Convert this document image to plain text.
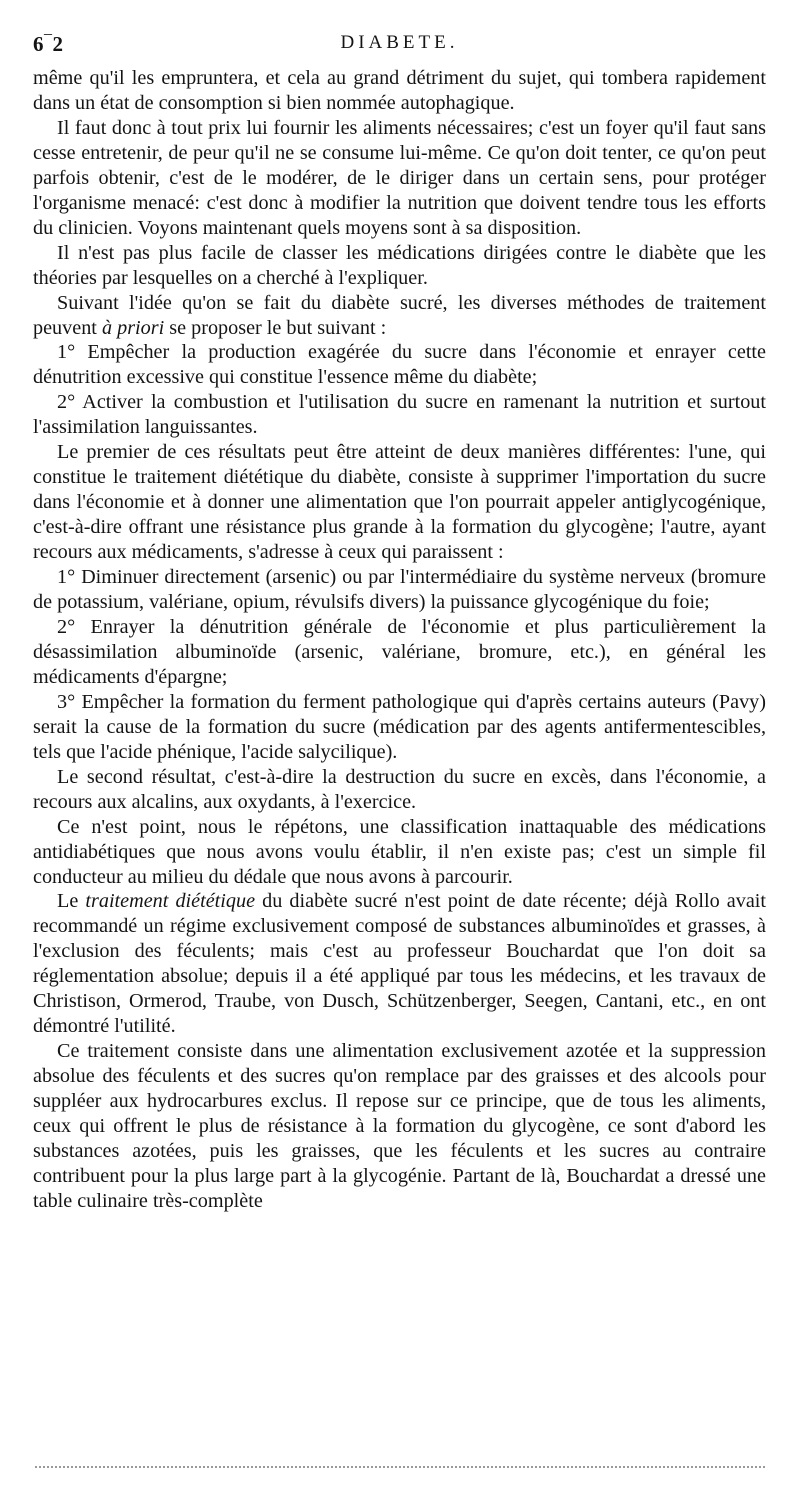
6‾2	DIABETE.

même qu'il les empruntera, et cela au grand détriment du sujet, qui tombera rapidement dans un état de consomption si bien nommée autophagique.

Il faut donc à tout prix lui fournir les aliments nécessaires; c'est un foyer qu'il faut sans cesse entretenir, de peur qu'il ne se consume lui-même. Ce qu'on doit tenter, ce qu'on peut parfois obtenir, c'est de le modérer, de le diriger dans un certain sens, pour protéger l'organisme menacé: c'est donc à modifier la nutrition que doivent tendre tous les efforts du clinicien. Voyons maintenant quels moyens sont à sa disposition.

Il n'est pas plus facile de classer les médications dirigées contre le diabète que les théories par lesquelles on a cherché à l'expliquer.

Suivant l'idée qu'on se fait du diabète sucré, les diverses méthodes de traitement peuvent à priori se proposer le but suivant :

1° Empêcher la production exagérée du sucre dans l'économie et enrayer cette dénutrition excessive qui constitue l'essence même du diabète;

2° Activer la combustion et l'utilisation du sucre en ramenant la nutrition et surtout l'assimilation languissantes.

Le premier de ces résultats peut être atteint de deux manières différentes: l'une, qui constitue le traitement diététique du diabète, consiste à supprimer l'importation du sucre dans l'économie et à donner une alimentation que l'on pourrait appeler antiglycogénique, c'est-à-dire offrant une résistance plus grande à la formation du glycogène; l'autre, ayant recours aux médicaments, s'adresse à ceux qui paraissent :

1° Diminuer directement (arsenic) ou par l'intermédiaire du système nerveux (bromure de potassium, valériane, opium, révulsifs divers) la puissance glycogénique du foie;

2° Enrayer la dénutrition générale de l'économie et plus particulièrement la désassimilation albuminoïde (arsenic, valériane, bromure, etc.), en général les médicaments d'épargne;

3° Empêcher la formation du ferment pathologique qui d'après certains auteurs (Pavy) serait la cause de la formation du sucre (médication par des agents antifermentescibles, tels que l'acide phénique, l'acide salycilique).

Le second résultat, c'est-à-dire la destruction du sucre en excès, dans l'économie, a recours aux alcalins, aux oxydants, à l'exercice.

Ce n'est point, nous le répétons, une classification inattaquable des médications antidiabétiques que nous avons voulu établir, il n'en existe pas; c'est un simple fil conducteur au milieu du dédale que nous avons à parcourir.

Le traitement diététique du diabète sucré n'est point de date récente; déjà Rollo avait recommandé un régime exclusivement composé de substances albuminoïdes et grasses, à l'exclusion des féculents; mais c'est au professeur Bouchardat que l'on doit sa réglementation absolue; depuis il a été appliqué par tous les médecins, et les travaux de Christison, Ormerod, Traube, von Dusch, Schützenberger, Seegen, Cantani, etc., en ont démontré l'utilité.

Ce traitement consiste dans une alimentation exclusivement azotée et la suppression absolue des féculents et des sucres qu'on remplace par des graisses et des alcools pour suppléer aux hydrocarbures exclus. Il repose sur ce principe, que de tous les aliments, ceux qui offrent le plus de résistance à la formation du glycogène, ce sont d'abord les substances azotées, puis les graisses, que les féculents et les sucres au contraire contribuent pour la plus large part à la glycogénie. Partant de là, Bouchardat a dressé une table culinaire très-complète
